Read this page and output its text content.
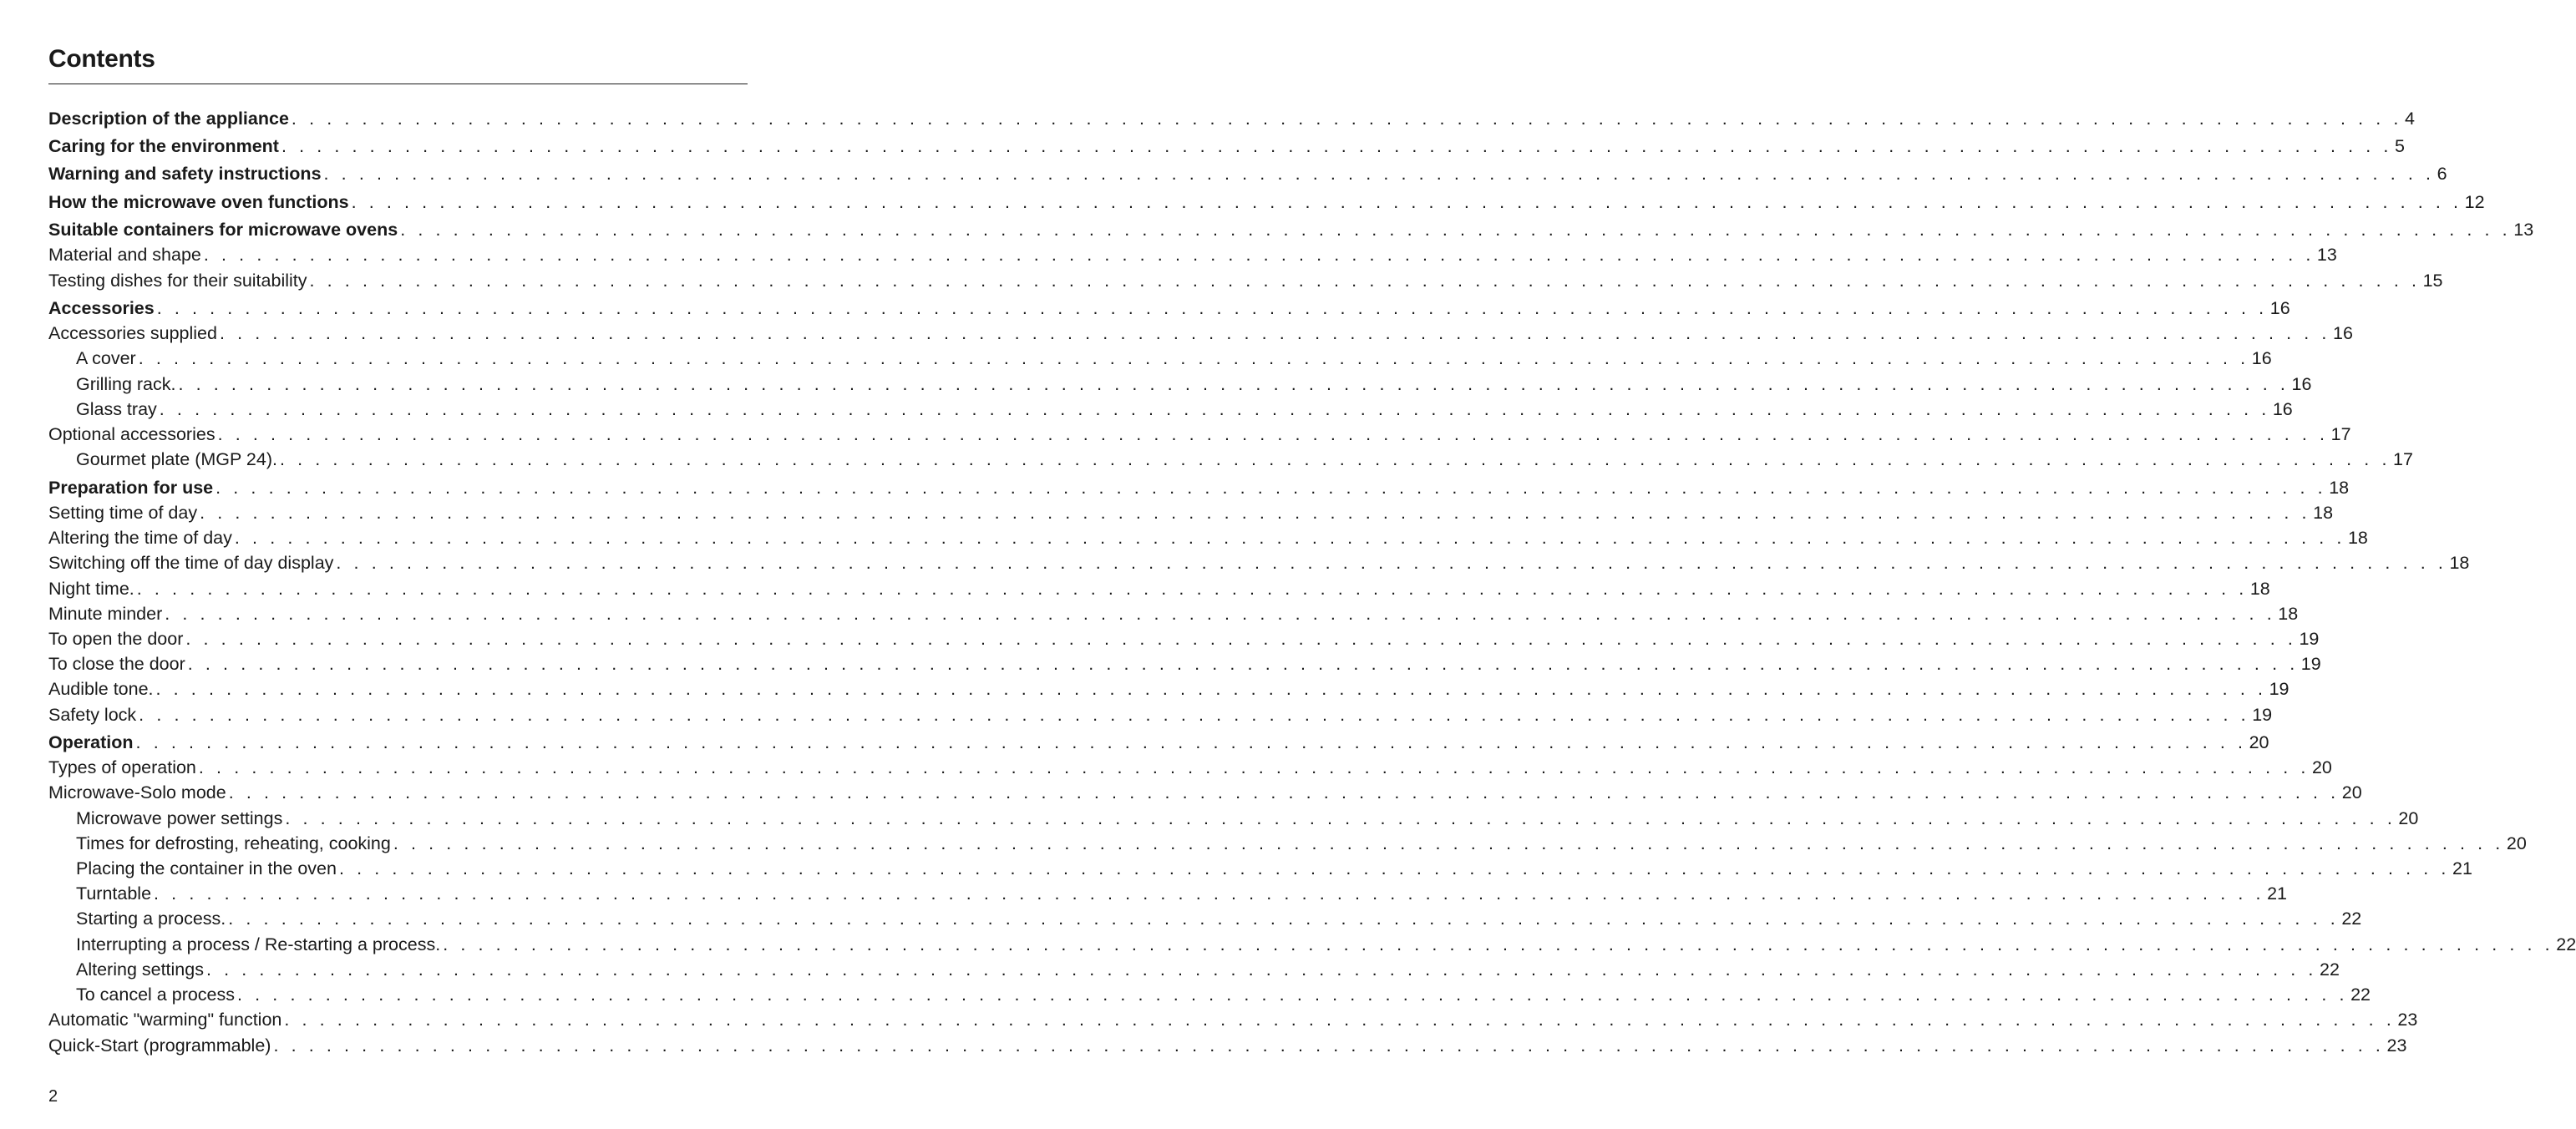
Contents
Description of the appliance . . . . . . . . . . . . . . . . . . . . . . . . . . . . . . . . . . . . . . . . . . . . . . . . . . . . . . . . . . . . . . . . . . . . . . . . . . . . . . . . . . . . . . . . . . . . . . . . . . . . . . . . . . . . . . . . . . . . . . . . 4
Caring for the environment . . . . . . . . . . . . . . . . . . . . . . . . . . . . . . . . . . . . . . . . . . . . . . . . . . . . . . . . . . . . . . . . . . . . . . . . . . . . . . . . . . . . . . . . . . . . . . . . . . . . . . . . . . . . . . . . . . . . . . . . 5
Warning and safety instructions . . . . . . . . . . . . . . . . . . . . . . . . . . . . . . . . . . . . . . . . . . . . . . . . . . . . . . . . . . . . . . . . . . . . . . . . . . . . . . . . . . . . . . . . . . . . . . . . . . . . . . . . . . . . . . . . . . . . . . . . 6
How the microwave oven functions . . . . . . . . . . . . . . . . . . . . . . . . . . . . . . . . . . . . . . . . . . . . . . . . . . . . . . . . . . . . . . . . . . . . . . . . . . . . . . . . . . . . . . . . . . . . . . . . . . . . . . . . . . . . . . . . . . . . . . . . 12
Suitable containers for microwave ovens . . . . . . . . . . . . . . . . . . . . . . . . . . . . . . . . . . . . . . . . . . . . . . . . . . . . . . . . . . . . . . . . . . . . . . . . . . . . . . . . . . . . . . . . . . . . . . . . . . . . . . . . . . . . . . . . . . . . . . . . 13
Material and shape . . . . . . . . . . . . . . . . . . . . . . . . . . . . . . . . . . . . . . . . . . . . . . . . . . . . . . . . . . . . . . . . . . . . . . . . . . . . . . . . . . . . . . . . . . . . . . . . . . . . . . . . . . . . . . . . . . . . . . . . 13
Testing dishes for their suitability . . . . . . . . . . . . . . . . . . . . . . . . . . . . . . . . . . . . . . . . . . . . . . . . . . . . . . . . . . . . . . . . . . . . . . . . . . . . . . . . . . . . . . . . . . . . . . . . . . . . . . . . . . . . . . . . . . . . . . . . 15
Accessories . . . . . . . . . . . . . . . . . . . . . . . . . . . . . . . . . . . . . . . . . . . . . . . . . . . . . . . . . . . . . . . . . . . . . . . . . . . . . . . . . . . . . . . . . . . . . . . . . . . . . . . . . . . . . . . . . . . . . . . . 16
Accessories supplied . . . . . . . . . . . . . . . . . . . . . . . . . . . . . . . . . . . . . . . . . . . . . . . . . . . . . . . . . . . . . . . . . . . . . . . . . . . . . . . . . . . . . . . . . . . . . . . . . . . . . . . . . . . . . . . . . . . . . . . . 16
A cover . . . . . . . . . . . . . . . . . . . . . . . . . . . . . . . . . . . . . . . . . . . . . . . . . . . . . . . . . . . . . . . . . . . . . . . . . . . . . . . . . . . . . . . . . . . . . . . . . . . . . . . . . . . . . . . . . . . . . . . . 16
Grilling rack. . . . . . . . . . . . . . . . . . . . . . . . . . . . . . . . . . . . . . . . . . . . . . . . . . . . . . . . . . . . . . . . . . . . . . . . . . . . . . . . . . . . . . . . . . . . . . . . . . . . . . . . . . . . . . . . . . . . . . . . . 16
Glass tray . . . . . . . . . . . . . . . . . . . . . . . . . . . . . . . . . . . . . . . . . . . . . . . . . . . . . . . . . . . . . . . . . . . . . . . . . . . . . . . . . . . . . . . . . . . . . . . . . . . . . . . . . . . . . . . . . . . . . . . . 16
Optional accessories . . . . . . . . . . . . . . . . . . . . . . . . . . . . . . . . . . . . . . . . . . . . . . . . . . . . . . . . . . . . . . . . . . . . . . . . . . . . . . . . . . . . . . . . . . . . . . . . . . . . . . . . . . . . . . . . . . . . . . . . 17
Gourmet plate (MGP 24). . . . . . . . . . . . . . . . . . . . . . . . . . . . . . . . . . . . . . . . . . . . . . . . . . . . . . . . . . . . . . . . . . . . . . . . . . . . . . . . . . . . . . . . . . . . . . . . . . . . . . . . . . . . . . . . . . . . . . . . . 17
Preparation for use . . . . . . . . . . . . . . . . . . . . . . . . . . . . . . . . . . . . . . . . . . . . . . . . . . . . . . . . . . . . . . . . . . . . . . . . . . . . . . . . . . . . . . . . . . . . . . . . . . . . . . . . . . . . . . . . . . . . . . . . 18
Setting time of day . . . . . . . . . . . . . . . . . . . . . . . . . . . . . . . . . . . . . . . . . . . . . . . . . . . . . . . . . . . . . . . . . . . . . . . . . . . . . . . . . . . . . . . . . . . . . . . . . . . . . . . . . . . . . . . . . . . . . . . . 18
Altering the time of day . . . . . . . . . . . . . . . . . . . . . . . . . . . . . . . . . . . . . . . . . . . . . . . . . . . . . . . . . . . . . . . . . . . . . . . . . . . . . . . . . . . . . . . . . . . . . . . . . . . . . . . . . . . . . . . . . . . . . . . . 18
Switching off the time of day display . . . . . . . . . . . . . . . . . . . . . . . . . . . . . . . . . . . . . . . . . . . . . . . . . . . . . . . . . . . . . . . . . . . . . . . . . . . . . . . . . . . . . . . . . . . . . . . . . . . . . . . . . . . . . . . . . . . . . . . . 18
Night time. . . . . . . . . . . . . . . . . . . . . . . . . . . . . . . . . . . . . . . . . . . . . . . . . . . . . . . . . . . . . . . . . . . . . . . . . . . . . . . . . . . . . . . . . . . . . . . . . . . . . . . . . . . . . . . . . . . . . . . . . 18
Minute minder . . . . . . . . . . . . . . . . . . . . . . . . . . . . . . . . . . . . . . . . . . . . . . . . . . . . . . . . . . . . . . . . . . . . . . . . . . . . . . . . . . . . . . . . . . . . . . . . . . . . . . . . . . . . . . . . . . . . . . . . 18
To open the door . . . . . . . . . . . . . . . . . . . . . . . . . . . . . . . . . . . . . . . . . . . . . . . . . . . . . . . . . . . . . . . . . . . . . . . . . . . . . . . . . . . . . . . . . . . . . . . . . . . . . . . . . . . . . . . . . . . . . . . . 19
To close the door . . . . . . . . . . . . . . . . . . . . . . . . . . . . . . . . . . . . . . . . . . . . . . . . . . . . . . . . . . . . . . . . . . . . . . . . . . . . . . . . . . . . . . . . . . . . . . . . . . . . . . . . . . . . . . . . . . . . . . . . 19
Audible tone. . . . . . . . . . . . . . . . . . . . . . . . . . . . . . . . . . . . . . . . . . . . . . . . . . . . . . . . . . . . . . . . . . . . . . . . . . . . . . . . . . . . . . . . . . . . . . . . . . . . . . . . . . . . . . . . . . . . . . . . . 19
Safety lock . . . . . . . . . . . . . . . . . . . . . . . . . . . . . . . . . . . . . . . . . . . . . . . . . . . . . . . . . . . . . . . . . . . . . . . . . . . . . . . . . . . . . . . . . . . . . . . . . . . . . . . . . . . . . . . . . . . . . . . . 19
Operation . . . . . . . . . . . . . . . . . . . . . . . . . . . . . . . . . . . . . . . . . . . . . . . . . . . . . . . . . . . . . . . . . . . . . . . . . . . . . . . . . . . . . . . . . . . . . . . . . . . . . . . . . . . . . . . . . . . . . . . . 20
Types of operation . . . . . . . . . . . . . . . . . . . . . . . . . . . . . . . . . . . . . . . . . . . . . . . . . . . . . . . . . . . . . . . . . . . . . . . . . . . . . . . . . . . . . . . . . . . . . . . . . . . . . . . . . . . . . . . . . . . . . . . . 20
Microwave-Solo mode . . . . . . . . . . . . . . . . . . . . . . . . . . . . . . . . . . . . . . . . . . . . . . . . . . . . . . . . . . . . . . . . . . . . . . . . . . . . . . . . . . . . . . . . . . . . . . . . . . . . . . . . . . . . . . . . . . . . . . . . 20
Microwave power settings . . . . . . . . . . . . . . . . . . . . . . . . . . . . . . . . . . . . . . . . . . . . . . . . . . . . . . . . . . . . . . . . . . . . . . . . . . . . . . . . . . . . . . . . . . . . . . . . . . . . . . . . . . . . . . . . . . . . . . . . 20
Times for defrosting, reheating, cooking . . . . . . . . . . . . . . . . . . . . . . . . . . . . . . . . . . . . . . . . . . . . . . . . . . . . . . . . . . . . . . . . . . . . . . . . . . . . . . . . . . . . . . . . . . . . . . . . . . . . . . . . . . . . . . . . . . . . . . . . 20
Placing the container in the oven . . . . . . . . . . . . . . . . . . . . . . . . . . . . . . . . . . . . . . . . . . . . . . . . . . . . . . . . . . . . . . . . . . . . . . . . . . . . . . . . . . . . . . . . . . . . . . . . . . . . . . . . . . . . . . . . . . . . . . . . 21
Turntable . . . . . . . . . . . . . . . . . . . . . . . . . . . . . . . . . . . . . . . . . . . . . . . . . . . . . . . . . . . . . . . . . . . . . . . . . . . . . . . . . . . . . . . . . . . . . . . . . . . . . . . . . . . . . . . . . . . . . . . . 21
Starting a process. . . . . . . . . . . . . . . . . . . . . . . . . . . . . . . . . . . . . . . . . . . . . . . . . . . . . . . . . . . . . . . . . . . . . . . . . . . . . . . . . . . . . . . . . . . . . . . . . . . . . . . . . . . . . . . . . . . . . . . . . 22
Interrupting a process / Re-starting a process. . . . . . . . . . . . . . . . . . . . . . . . . . . . . . . . . . . . . . . . . . . . . . . . . . . . . . . . . . . . . . . . . . . . . . . . . . . . . . . . . . . . . . . . . . . . . . . . . . . . . . . . . . . . . . . . . . . . . . . . . 22
Altering settings . . . . . . . . . . . . . . . . . . . . . . . . . . . . . . . . . . . . . . . . . . . . . . . . . . . . . . . . . . . . . . . . . . . . . . . . . . . . . . . . . . . . . . . . . . . . . . . . . . . . . . . . . . . . . . . . . . . . . . . . 22
To cancel a process . . . . . . . . . . . . . . . . . . . . . . . . . . . . . . . . . . . . . . . . . . . . . . . . . . . . . . . . . . . . . . . . . . . . . . . . . . . . . . . . . . . . . . . . . . . . . . . . . . . . . . . . . . . . . . . . . . . . . . . . 22
Automatic "warming" function . . . . . . . . . . . . . . . . . . . . . . . . . . . . . . . . . . . . . . . . . . . . . . . . . . . . . . . . . . . . . . . . . . . . . . . . . . . . . . . . . . . . . . . . . . . . . . . . . . . . . . . . . . . . . . . . . . . . . . . . 23
Quick-Start (programmable) . . . . . . . . . . . . . . . . . . . . . . . . . . . . . . . . . . . . . . . . . . . . . . . . . . . . . . . . . . . . . . . . . . . . . . . . . . . . . . . . . . . . . . . . . . . . . . . . . . . . . . . . . . . . . . . . . . . . . . . . 23
2
